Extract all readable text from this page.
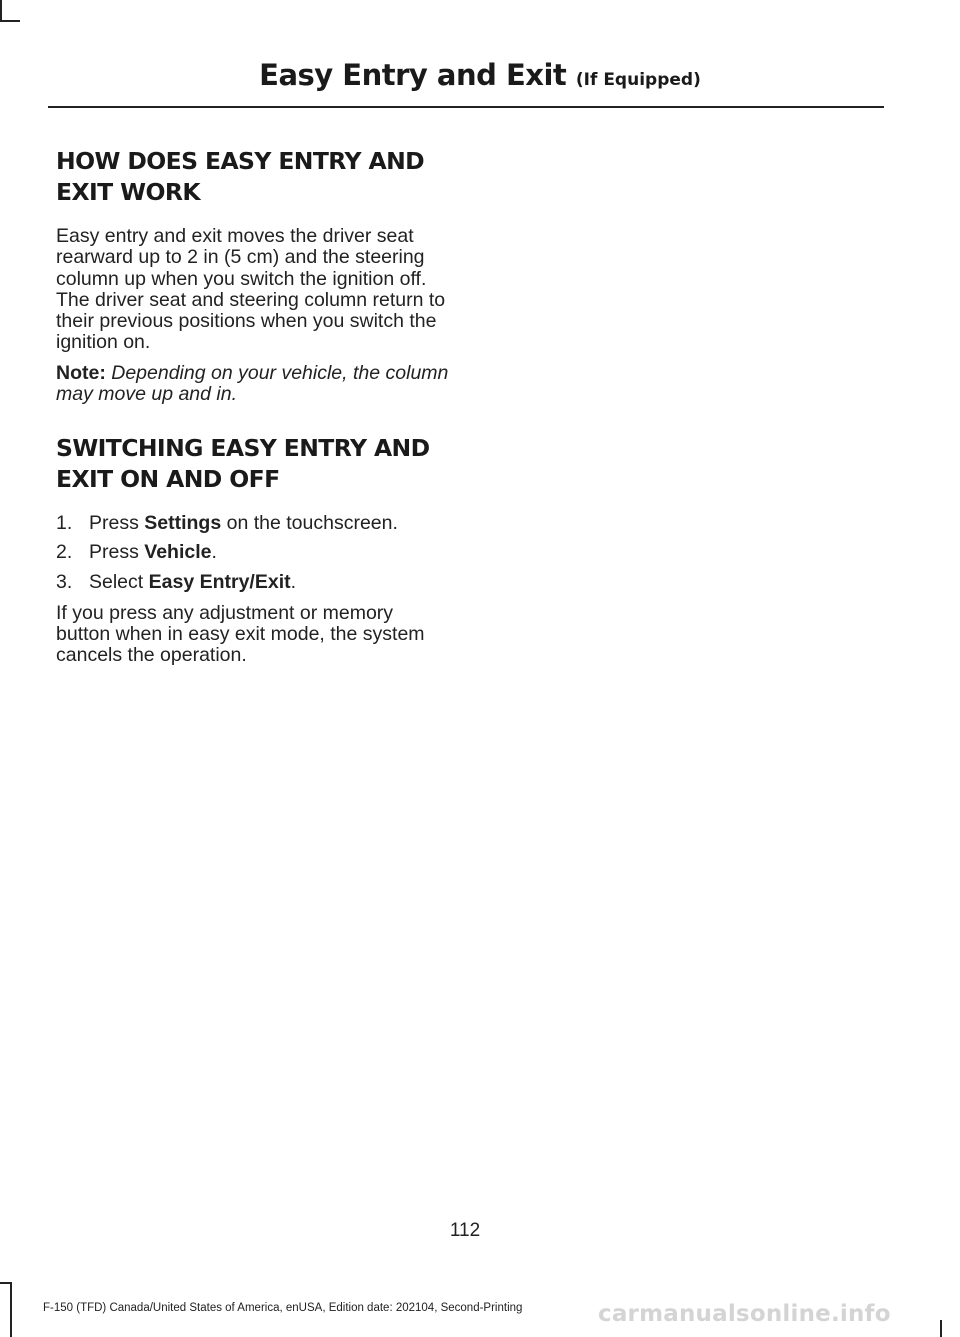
Easy Entry and Exit (If Equipped)
HOW DOES EASY ENTRY AND
EXIT WORK

Easy entry and exit moves the driver seat rearward up to 2 in (5 cm) and the steering column up when you switch the ignition off. The driver seat and steering column return to their previous positions when you switch the ignition on.

Note: Depending on your vehicle, the column may move up and in.

SWITCHING EASY ENTRY AND
EXIT ON AND OFF
1. Press Settings on the touchscreen.
2. Press Vehicle.
3. Select Easy Entry/Exit.

If you press any adjustment or memory button when in easy exit mode, the system cancels the operation.

112
F-150 (TFD) Canada/United States of America, enUSA, Edition date: 202104, Second-Printing	carmanualsonline.info
